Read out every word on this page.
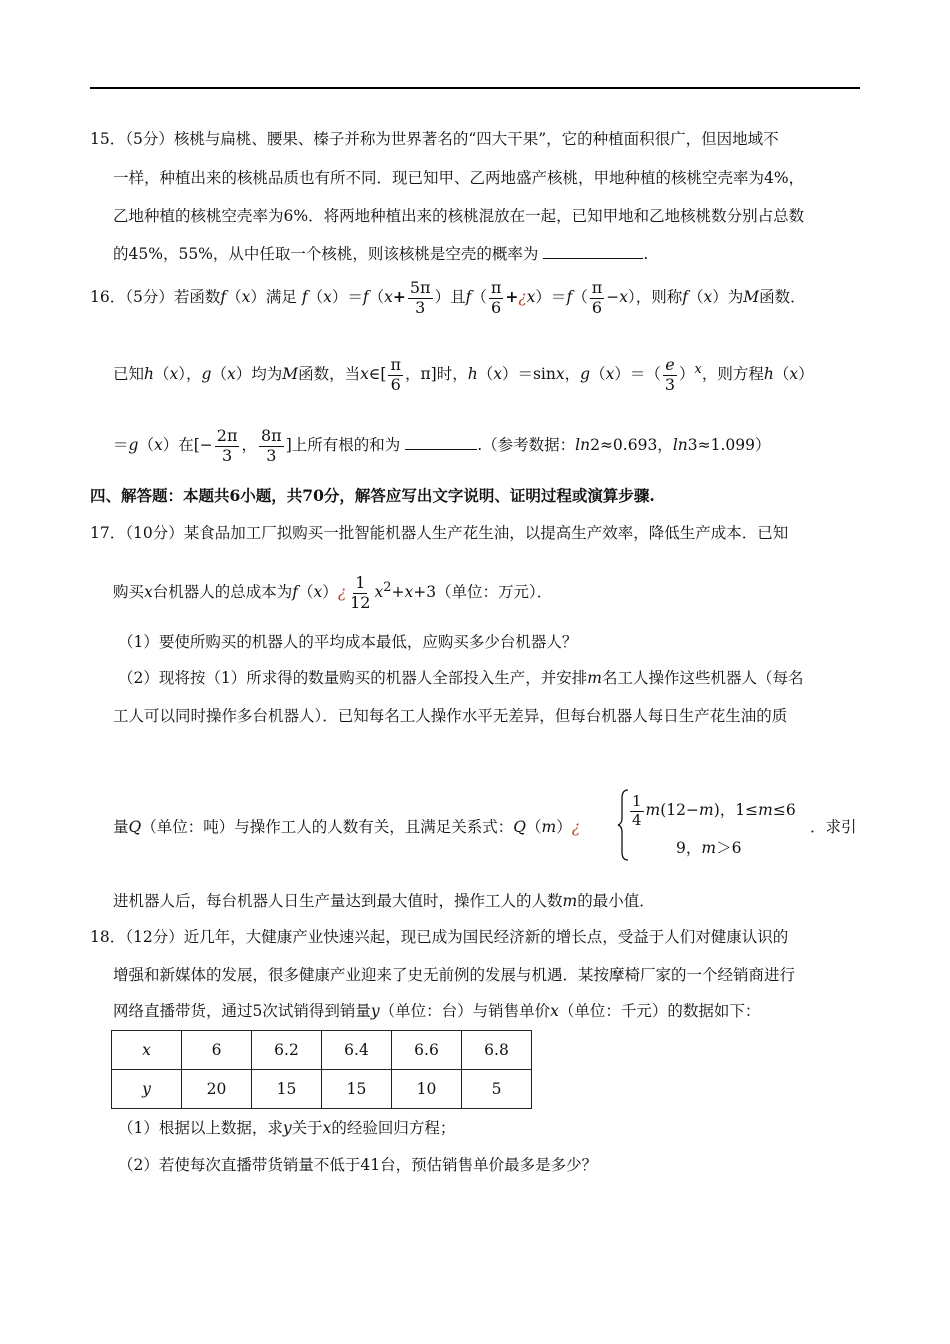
15．（5分）核桃与扁桃、腰果、榛子并称为世界著名的“四大干果”，它的种植面积很广，但因地域不
一样，种植出来的核桃品质也有所不同．现已知甲、乙两地盛产核桃，甲地种植的核桃空壳率为4%，
乙地种植的核桃空壳率为6%．将两地种植出来的核桃混放在一起，已知甲地和乙地核桃数分别占总数
的45%，55%，从中任取一个核桃，则该核桃是空壳的概率为	.
16．（5分）若函数f（x）满足 $f(x)=f(x+ \frac{5\pi}{3}$ ）且$f( \frac{\pi}{6}$ +¿x）＝f（ $\frac{\pi}{6} -x$），则称f（x）为M函数．
已知h（x），g（x）均为M函数，当x∈[ $\frac{\pi}{6}$ ，π]时，h（x）＝sinx，$g(x)=( \frac{e}{3} )^x$，则方程h（x）
＝g（x）在[− $\frac{2\pi}{3}$ ， $\frac{8\pi}{3}$ ]上所有根的和为	.（参考数据：ln2≈0.693，ln3≈1.099）
四、解答题：本题共6小题，共70分，解答应写出文字说明、证明过程或演算步骤.
17．（10分）某食品加工厂拟购买一批智能机器人生产花生油，以提高生产效率，降低生产成本．已知
购买x台机器人的总成本为f（x）¿ $\frac{1}{12} x^2+x+3$（单位：万元）．
（1）要使所购买的机器人的平均成本最低，应购买多少台机器人？
（2）现将按（1）所求得的数量购买的机器人全部投入生产，并安排m名工人操作这些机器人（每名
工人可以同时操作多台机器人）．已知每名工人操作水平无差异，但每台机器人每日生产花生油的质
量Q（单位：吨）与操作工人的人数有关，且满足关系式：Q（m）¿	$\frac{1}{4} m(12-m)$，1≤m≤6
9，m＞6
．求引
进机器人后，每台机器人日生产量达到最大值时，操作工人的人数m的最小值．
18．（12分）近几年，大健康产业快速兴起，现已成为国民经济新的增长点，受益于人们对健康认识的
增强和新媒体的发展，很多健康产业迎来了史无前例的发展与机遇．某按摩椅厂家的一个经销商进行
网络直播带货，通过5次试销得到销量y（单位：台）与销售单价x（单位：千元）的数据如下：
x	6	6.2	6.4	6.6	6.8
y	20	15	15	10	5
（1）根据以上数据，求y关于x的经验回归方程；
（2）若使每次直播带货销量不低于41台，预估销售单价最多是多少？
